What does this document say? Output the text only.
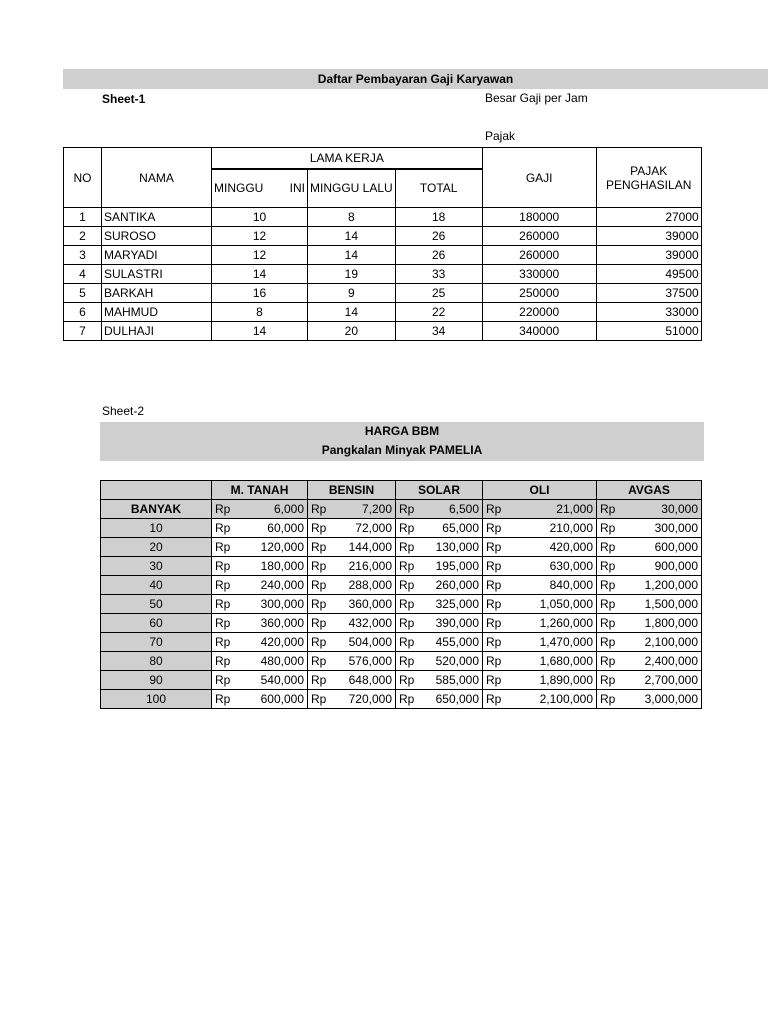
Daftar Pembayaran Gaji Karyawan
Sheet-1	Besar Gaji per Jam
Pajak
NO	NAMA	LAMA KERJA			GAJI	PAJAK
PENGHASILAN

		MINGGU INI	MINGGU LALU	TOTAL		
1	SANTIKA	10	8	18	180000	27000
2	SUROSO	12	14	26	260000	39000
3	MARYADI	12	14	26	260000	39000
4	SULASTRI	14	19	33	330000	49500
5	BARKAH	16	9	25	250000	37500
6	MAHMUD	8	14	22	220000	33000
7	DULHAJI	14	20	34	340000	51000
Sheet-2
HARGA BBM
Pangkalan Minyak PAMELIA
	M. TANAH	BENSIN	SOLAR	OLI	AVGAS
BANYAK	Rp 6,000	Rp 7,200	Rp 6,500	Rp 21,000	Rp 30,000

10	Rp 60,000	Rp 72,000	Rp 65,000	Rp 210,000	Rp 300,000

20	Rp 120,000	Rp 144,000	Rp 130,000	Rp 420,000	Rp 600,000

30	Rp 180,000	Rp 216,000	Rp 195,000	Rp 630,000	Rp 900,000

40	Rp 240,000	Rp 288,000	Rp 260,000	Rp 840,000	Rp 1,200,000

50	Rp 300,000	Rp 360,000	Rp 325,000	Rp 1,050,000	Rp 1,500,000

60	Rp 360,000	Rp 432,000	Rp 390,000	Rp 1,260,000	Rp 1,800,000

70	Rp 420,000	Rp 504,000	Rp 455,000	Rp 1,470,000	Rp 2,100,000

80	Rp 480,000	Rp 576,000	Rp 520,000	Rp 1,680,000	Rp 2,400,000

90	Rp 540,000	Rp 648,000	Rp 585,000	Rp 1,890,000	Rp 2,700,000

100	Rp 600,000	Rp 720,000	Rp 650,000	Rp 2,100,000	Rp 3,000,000
